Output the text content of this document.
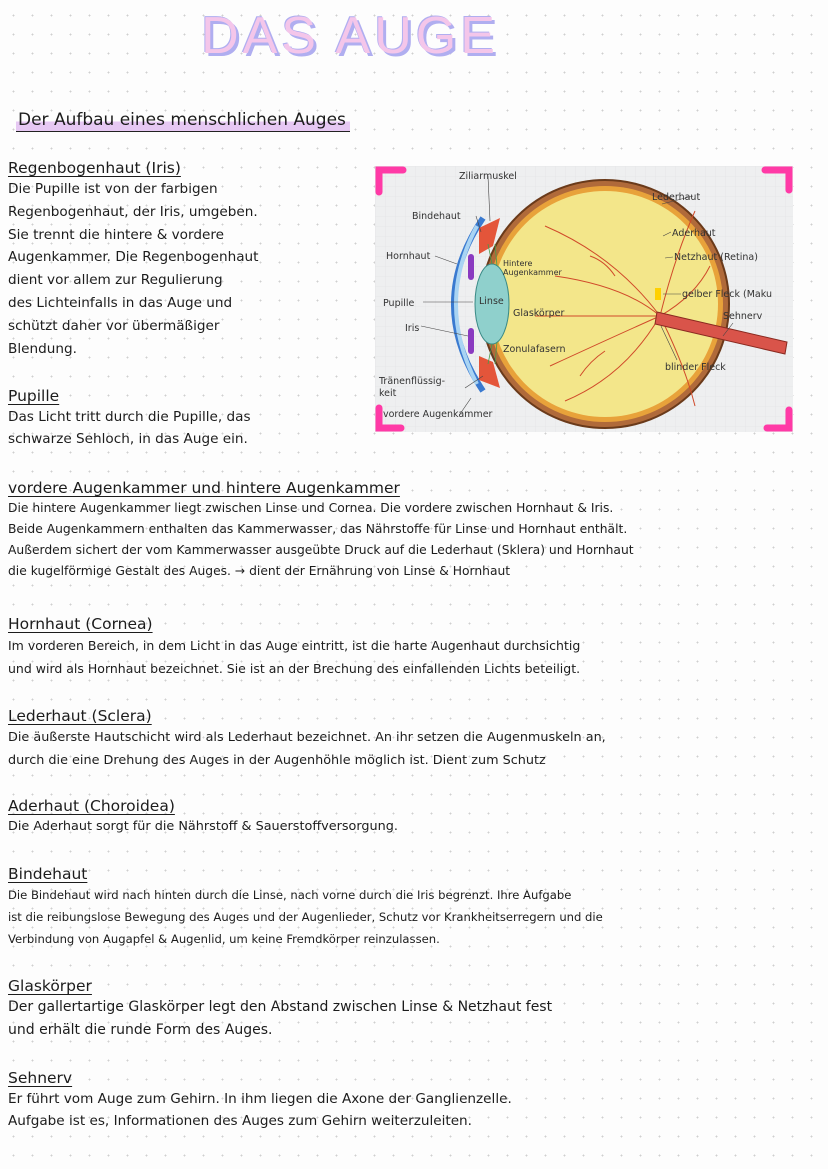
DAS AUGE
Der Aufbau eines menschlichen Auges

Regenbogenhaut (Iris)

Die Pupille ist von der farbigen
Regenbogenhaut, der Iris, umgeben.
Sie trennt die hintere & vordere
Augenkammer. Die Regenbogenhaut
dient vor allem zur Regulierung
des Lichteinfalls in das Auge und
schützt daher vor übermäßiger
Blendung.

Pupille

Das Licht tritt durch die Pupille, das
schwarze Sehloch, in das Auge ein.

Ziliarmuskel
Lederhaut
Bindehaut
Aderhaut
Hornhaut
Hintere
Augenkammer
Netzhaut (Retina)
gelber Fleck (Maku
Pupille	Linse
Glaskörper	Sehnerv
Iris
Zonulafasern
blinder Fleck
Tränenflüssig-
keit
vordere Augenkammer

vordere Augenkammer und hintere Augenkammer

Die hintere Augenkammer liegt zwischen Linse und Cornea. Die vordere zwischen Hornhaut & Iris.
Beide Augenkammern enthalten das Kammerwasser, das Nährstoffe für Linse und Hornhaut enthält.
Außerdem sichert der vom Kammerwasser ausgeübte Druck auf die Lederhaut (Sklera) und Hornhaut
die kugelförmige Gestalt des Auges. → dient der Ernährung von Linse & Hornhaut

Hornhaut (Cornea)

Im vorderen Bereich, in dem Licht in das Auge eintritt, ist die harte Augenhaut durchsichtig
und wird als Hornhaut bezeichnet. Sie ist an der Brechung des einfallenden Lichts beteiligt.

Lederhaut (Sclera)

Die äußerste Hautschicht wird als Lederhaut bezeichnet. An ihr setzen die Augenmuskeln an,
durch die eine Drehung des Auges in der Augenhöhle möglich ist. Dient zum Schutz

Aderhaut (Choroidea)

Die Aderhaut sorgt für die Nährstoff & Sauerstoffversorgung.

Bindehaut

Die Bindehaut wird nach hinten durch die Linse, nach vorne durch die Iris begrenzt. Ihre Aufgabe
ist die reibungslose Bewegung des Auges und der Augenlieder, Schutz vor Krankheitserregern und die
Verbindung von Augapfel & Augenlid, um keine Fremdkörper reinzulassen.

Glaskörper

Der gallertartige Glaskörper legt den Abstand zwischen Linse & Netzhaut fest
und erhält die runde Form des Auges.

Sehnerv

Er führt vom Auge zum Gehirn. In ihm liegen die Axone der Ganglienzelle.
Aufgabe ist es, Informationen des Auges zum Gehirn weiterzuleiten.
